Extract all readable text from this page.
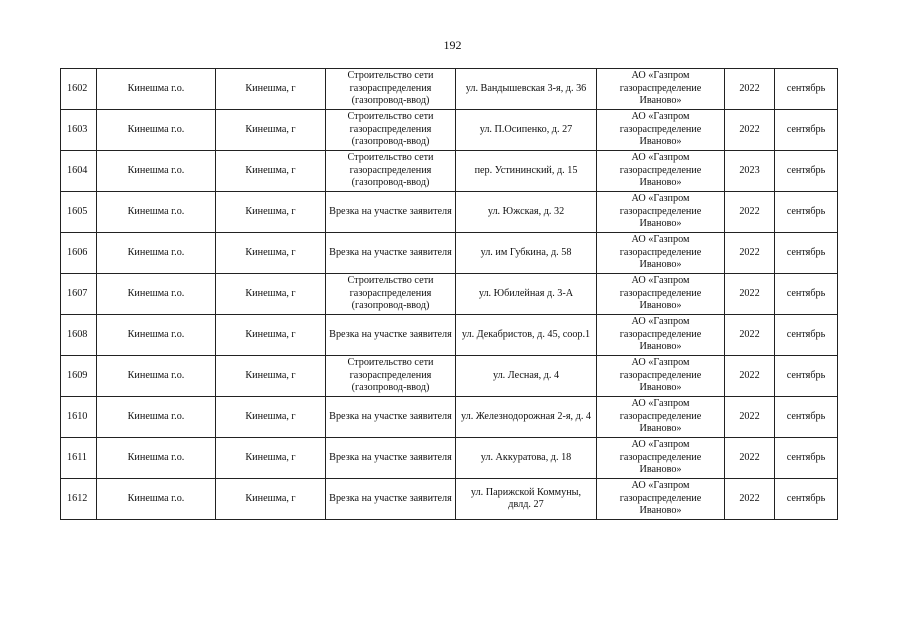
192
1602	Кинешма г.о.	Кинешма, г	Строительство сети газораспределения (газопровод-ввод)	ул. Вандышевская 3-я, д. 36	АО «Газпром газораспределение Иваново»	2022	сентябрь
1603	Кинешма г.о.	Кинешма, г	Строительство сети газораспределения (газопровод-ввод)	ул. П.Осипенко, д. 27	АО «Газпром газораспределение Иваново»	2022	сентябрь
1604	Кинешма г.о.	Кинешма, г	Строительство сети газораспределения (газопровод-ввод)	пер. Устининский, д. 15	АО «Газпром газораспределение Иваново»	2023	сентябрь
1605	Кинешма г.о.	Кинешма, г	Врезка на участке заявителя	ул. Южская, д. 32	АО «Газпром газораспределение Иваново»	2022	сентябрь
1606	Кинешма г.о.	Кинешма, г	Врезка на участке заявителя	ул. им Губкина, д. 58	АО «Газпром газораспределение Иваново»	2022	сентябрь
1607	Кинешма г.о.	Кинешма, г	Строительство сети газораспределения (газопровод-ввод)	ул. Юбилейная д. 3-А	АО «Газпром газораспределение Иваново»	2022	сентябрь
1608	Кинешма г.о.	Кинешма, г	Врезка на участке заявителя	ул. Декабристов, д. 45, соор.1	АО «Газпром газораспределение Иваново»	2022	сентябрь
1609	Кинешма г.о.	Кинешма, г	Строительство сети газораспределения (газопровод-ввод)	ул. Лесная, д. 4	АО «Газпром газораспределение Иваново»	2022	сентябрь
1610	Кинешма г.о.	Кинешма, г	Врезка на участке заявителя	ул. Железнодорожная 2-я, д. 4	АО «Газпром газораспределение Иваново»	2022	сентябрь
1611	Кинешма г.о.	Кинешма, г	Врезка на участке заявителя	ул. Аккуратова, д. 18	АО «Газпром газораспределение Иваново»	2022	сентябрь
1612	Кинешма г.о.	Кинешма, г	Врезка на участке заявителя	ул. Парижской Коммуны, двлд. 27	АО «Газпром газораспределение Иваново»	2022	сентябрь
